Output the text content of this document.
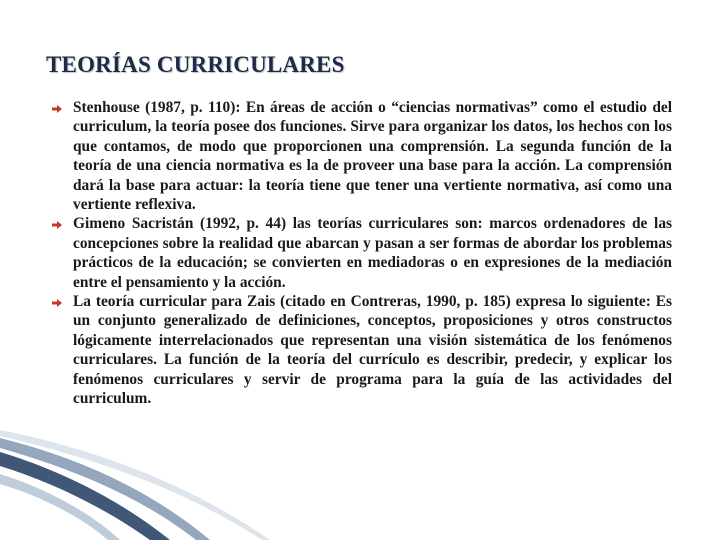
TEORÍAS CURRICULARES
Stenhouse (1987, p. 110): En áreas de acción o “ciencias normativas” como el estudio del curriculum, la teoría posee dos funciones. Sirve para organizar los datos, los hechos con los que contamos, de modo que proporcionen una comprensión. La segunda función de la teoría de una ciencia normativa es la de proveer una base para la acción. La comprensión dará la base para actuar: la teoría tiene que tener una vertiente normativa, así como una vertiente reflexiva.
Gimeno Sacristán (1992, p. 44) las teorías curriculares son: marcos ordenadores de las concepciones sobre la realidad que abarcan y pasan a ser formas de abordar los problemas prácticos de la educación; se convierten en mediadoras o en expresiones de la mediación entre el pensamiento y la acción.
La teoría curricular para Zais (citado en Contreras, 1990, p. 185) expresa lo siguiente: Es un conjunto generalizado de definiciones, conceptos, proposiciones y otros constructos lógicamente interrelacionados que representan una visión sistemática de los fenómenos curriculares. La función de la teoría del currículo es describir, predecir, y explicar los fenómenos curriculares y servir de programa para la guía de las actividades del curriculum.
